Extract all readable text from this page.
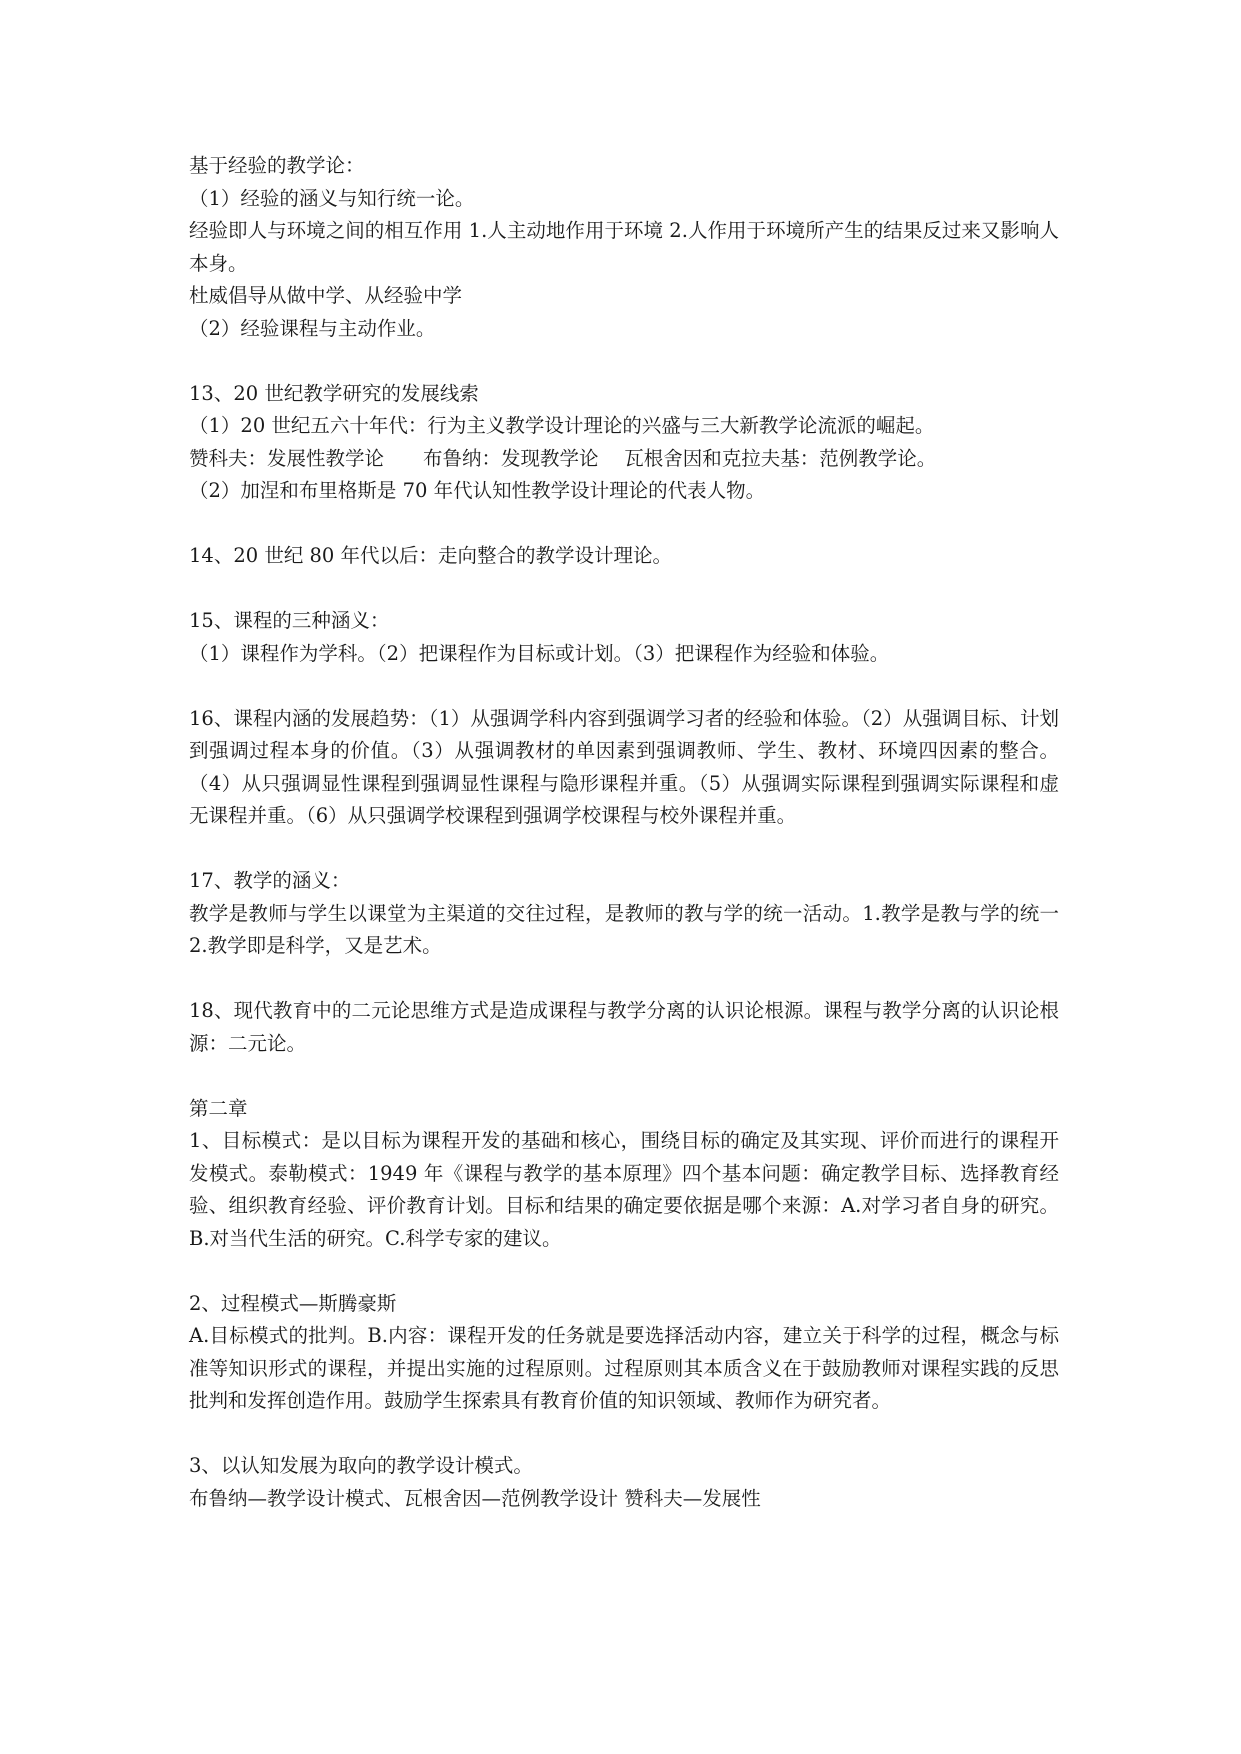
基于经验的教学论：

（1）经验的涵义与知行统一论。

经验即人与环境之间的相互作用 1.人主动地作用于环境 2.人作用于环境所产生的结果反过来又影响人本身。

杜威倡导从做中学、从经验中学

（2）经验课程与主动作业。

13、20 世纪教学研究的发展线索

（1）20 世纪五六十年代：行为主义教学设计理论的兴盛与三大新教学论流派的崛起。

赞科夫：发展性教学论　　布鲁纳：发现教学论　 瓦根舍因和克拉夫基：范例教学论。

（2）加涅和布里格斯是 70 年代认知性教学设计理论的代表人物。

14、20 世纪 80 年代以后：走向整合的教学设计理论。

15、课程的三种涵义：

（1）课程作为学科。（2）把课程作为目标或计划。（3）把课程作为经验和体验。

16、课程内涵的发展趋势：（1）从强调学科内容到强调学习者的经验和体验。（2）从强调目标、计划到强调过程本身的价值。（3）从强调教材的单因素到强调教师、学生、教材、环境四因素的整合。（4）从只强调显性课程到强调显性课程与隐形课程并重。（5）从强调实际课程到强调实际课程和虚无课程并重。（6）从只强调学校课程到强调学校课程与校外课程并重。

17、教学的涵义：

教学是教师与学生以课堂为主渠道的交往过程，是教师的教与学的统一活动。1.教学是教与学的统一 2.教学即是科学，又是艺术。

18、现代教育中的二元论思维方式是造成课程与教学分离的认识论根源。课程与教学分离的认识论根源：二元论。

第二章

1、目标模式：是以目标为课程开发的基础和核心，围绕目标的确定及其实现、评价而进行的课程开发模式。泰勒模式：1949 年《课程与教学的基本原理》四个基本问题：确定教学目标、选择教育经验、组织教育经验、评价教育计划。目标和结果的确定要依据是哪个来源：A.对学习者自身的研究。B.对当代生活的研究。C.科学专家的建议。

2、过程模式—斯腾豪斯

A.目标模式的批判。B.内容：课程开发的任务就是要选择活动内容，建立关于科学的过程，概念与标准等知识形式的课程，并提出实施的过程原则。过程原则其本质含义在于鼓励教师对课程实践的反思批判和发挥创造作用。鼓励学生探索具有教育价值的知识领域、教师作为研究者。

3、以认知发展为取向的教学设计模式。

布鲁纳—教学设计模式、瓦根舍因—范例教学设计 赞科夫—发展性
